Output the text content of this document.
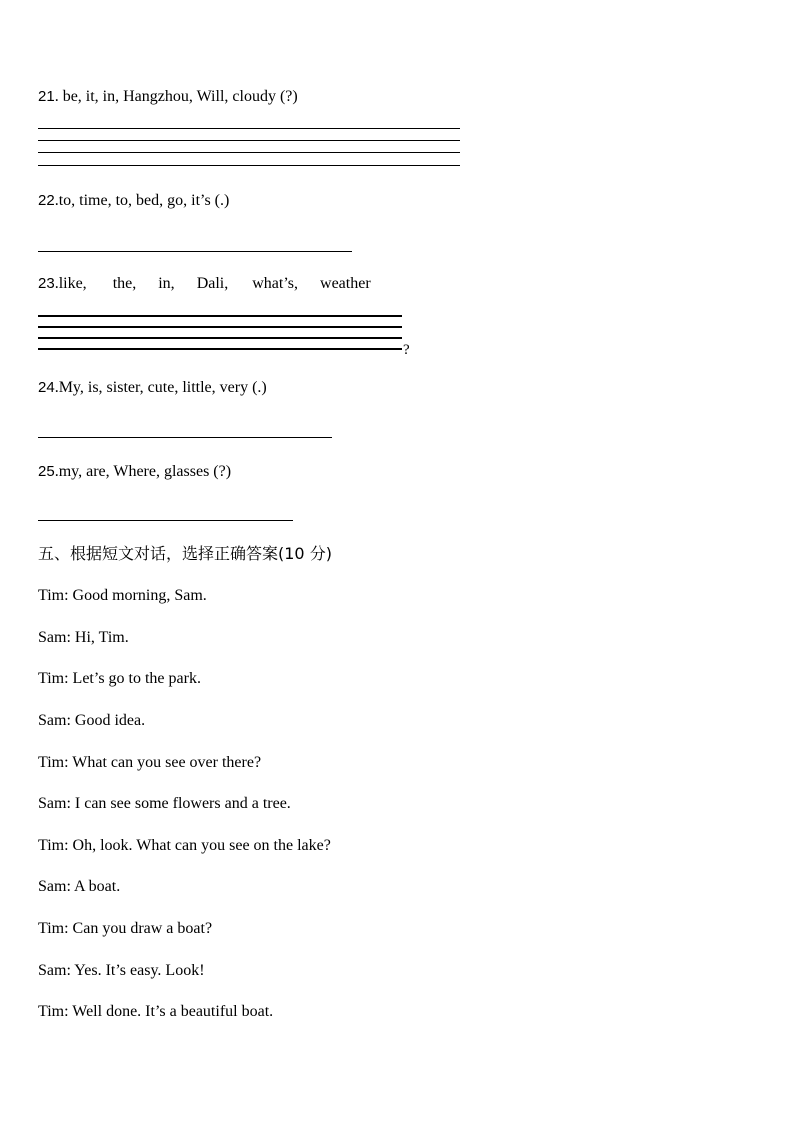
21. be, it, in, Hangzhou, Will, cloudy (?)
22.to, time, to, bed, go, it’s (.)
23.like, the, in, Dali, what’s, weather
?
24.My, is, sister, cute, little, very (.)
25.my, are, Where, glasses (?)
五、根据短文对话，选择正确答案(10 分)
Tim: Good morning, Sam.
Sam: Hi, Tim.
Tim: Let’s go to the park.
Sam: Good idea.
Tim: What can you see over there?
Sam: I can see some flowers and a tree.
Tim: Oh, look. What can you see on the lake?
Sam: A boat.
Tim: Can you draw a boat?
Sam: Yes. It’s easy. Look!
Tim: Well done. It’s a beautiful boat.
